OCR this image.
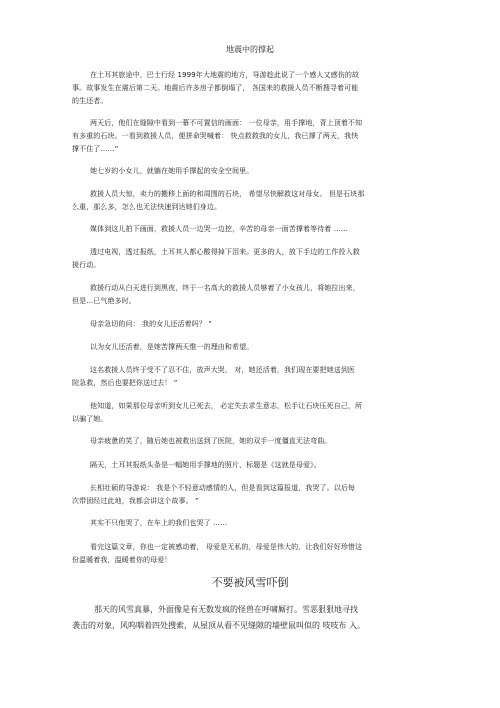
地震中的撑起
在土耳其旅途中，巴士行经 1999年大地震的地方，导游趁此说了一个感人又感伤的故
事。故事发生在震后第二天。地震后许多房子都倒塌了， 各国来的救援人员不断搜寻着可能
的生还者。
两天后，他们在缝隙中看到一幕不可置信的画面： 一位母亲，用手撑地，背上顶着不知
有多重的石块。一看到救援人员，便拼命哭喊着： 快点救救我的女儿，我已撑了两天，我快
撑不住了……”
她七岁的小女儿，就躺在她用手撑起的安全空间里。
救援人员大惊，卖力的搬移上面的和周围的石块， 希望尽快解救这对母女。 但是石块那
么重，那么多，怎么也无法快速到达她们身边。
媒体到这儿拍下画面，救援人员一边哭一边挖，辛苦的母亲一面苦撑着等待着 ……
透过电视，透过报纸，土耳其人都心酸得掉下泪来。更多的人，放下手边的工作投入救
援行动。
救援行动从白天进行到黑夜，终于一名高大的救援人员够着了小女孩儿，将她拉出来，
但是…已气绝多时。
母亲急切的问： 我的女儿还活着吗？ ”
以为女儿还活着，是她苦撑两天惟一的理由和希望。
这名救援人员终于受不了忍不住，放声大哭， 对，她还活着，我们现在要把她送到医
院急救，然后也要把你送过去！ ”
他知道，如果那位母亲听到女儿已死去， 必定失去求生意志，松手让石块压死自己，所
以骗了她。
母亲疲惫的笑了，随后她也被救出送到了医院，她的双手一度僵直无法弯曲。
隔天，土耳其报纸头条是一幅她用手撑地的照片，标题是《这就是母爱》。
长相壮硕的导游说： 我是个不轻意动感情的人，但是看到这篇报道，我哭了。以后每
次带团经过此地，我都会讲这个故事。 ”
其实不只他哭了，在车上的我们也哭了 ……
看完这篇文章，你也一定被感动着， 母爱是无私的，母爱是伟大的，让我们好好珍惜这
份温暖着我，温暖着你的母爱！
不要被风雪吓倒
那天的风雪真暴，外面像是有无数发疯的怪兽在呼啸厮打。雪恶狠狠地寻找
袭击的对象，风呜咽着四处搜索，从屋顶从看不见缝隙的墙壁鼠叫似的 吱吱布 入。
